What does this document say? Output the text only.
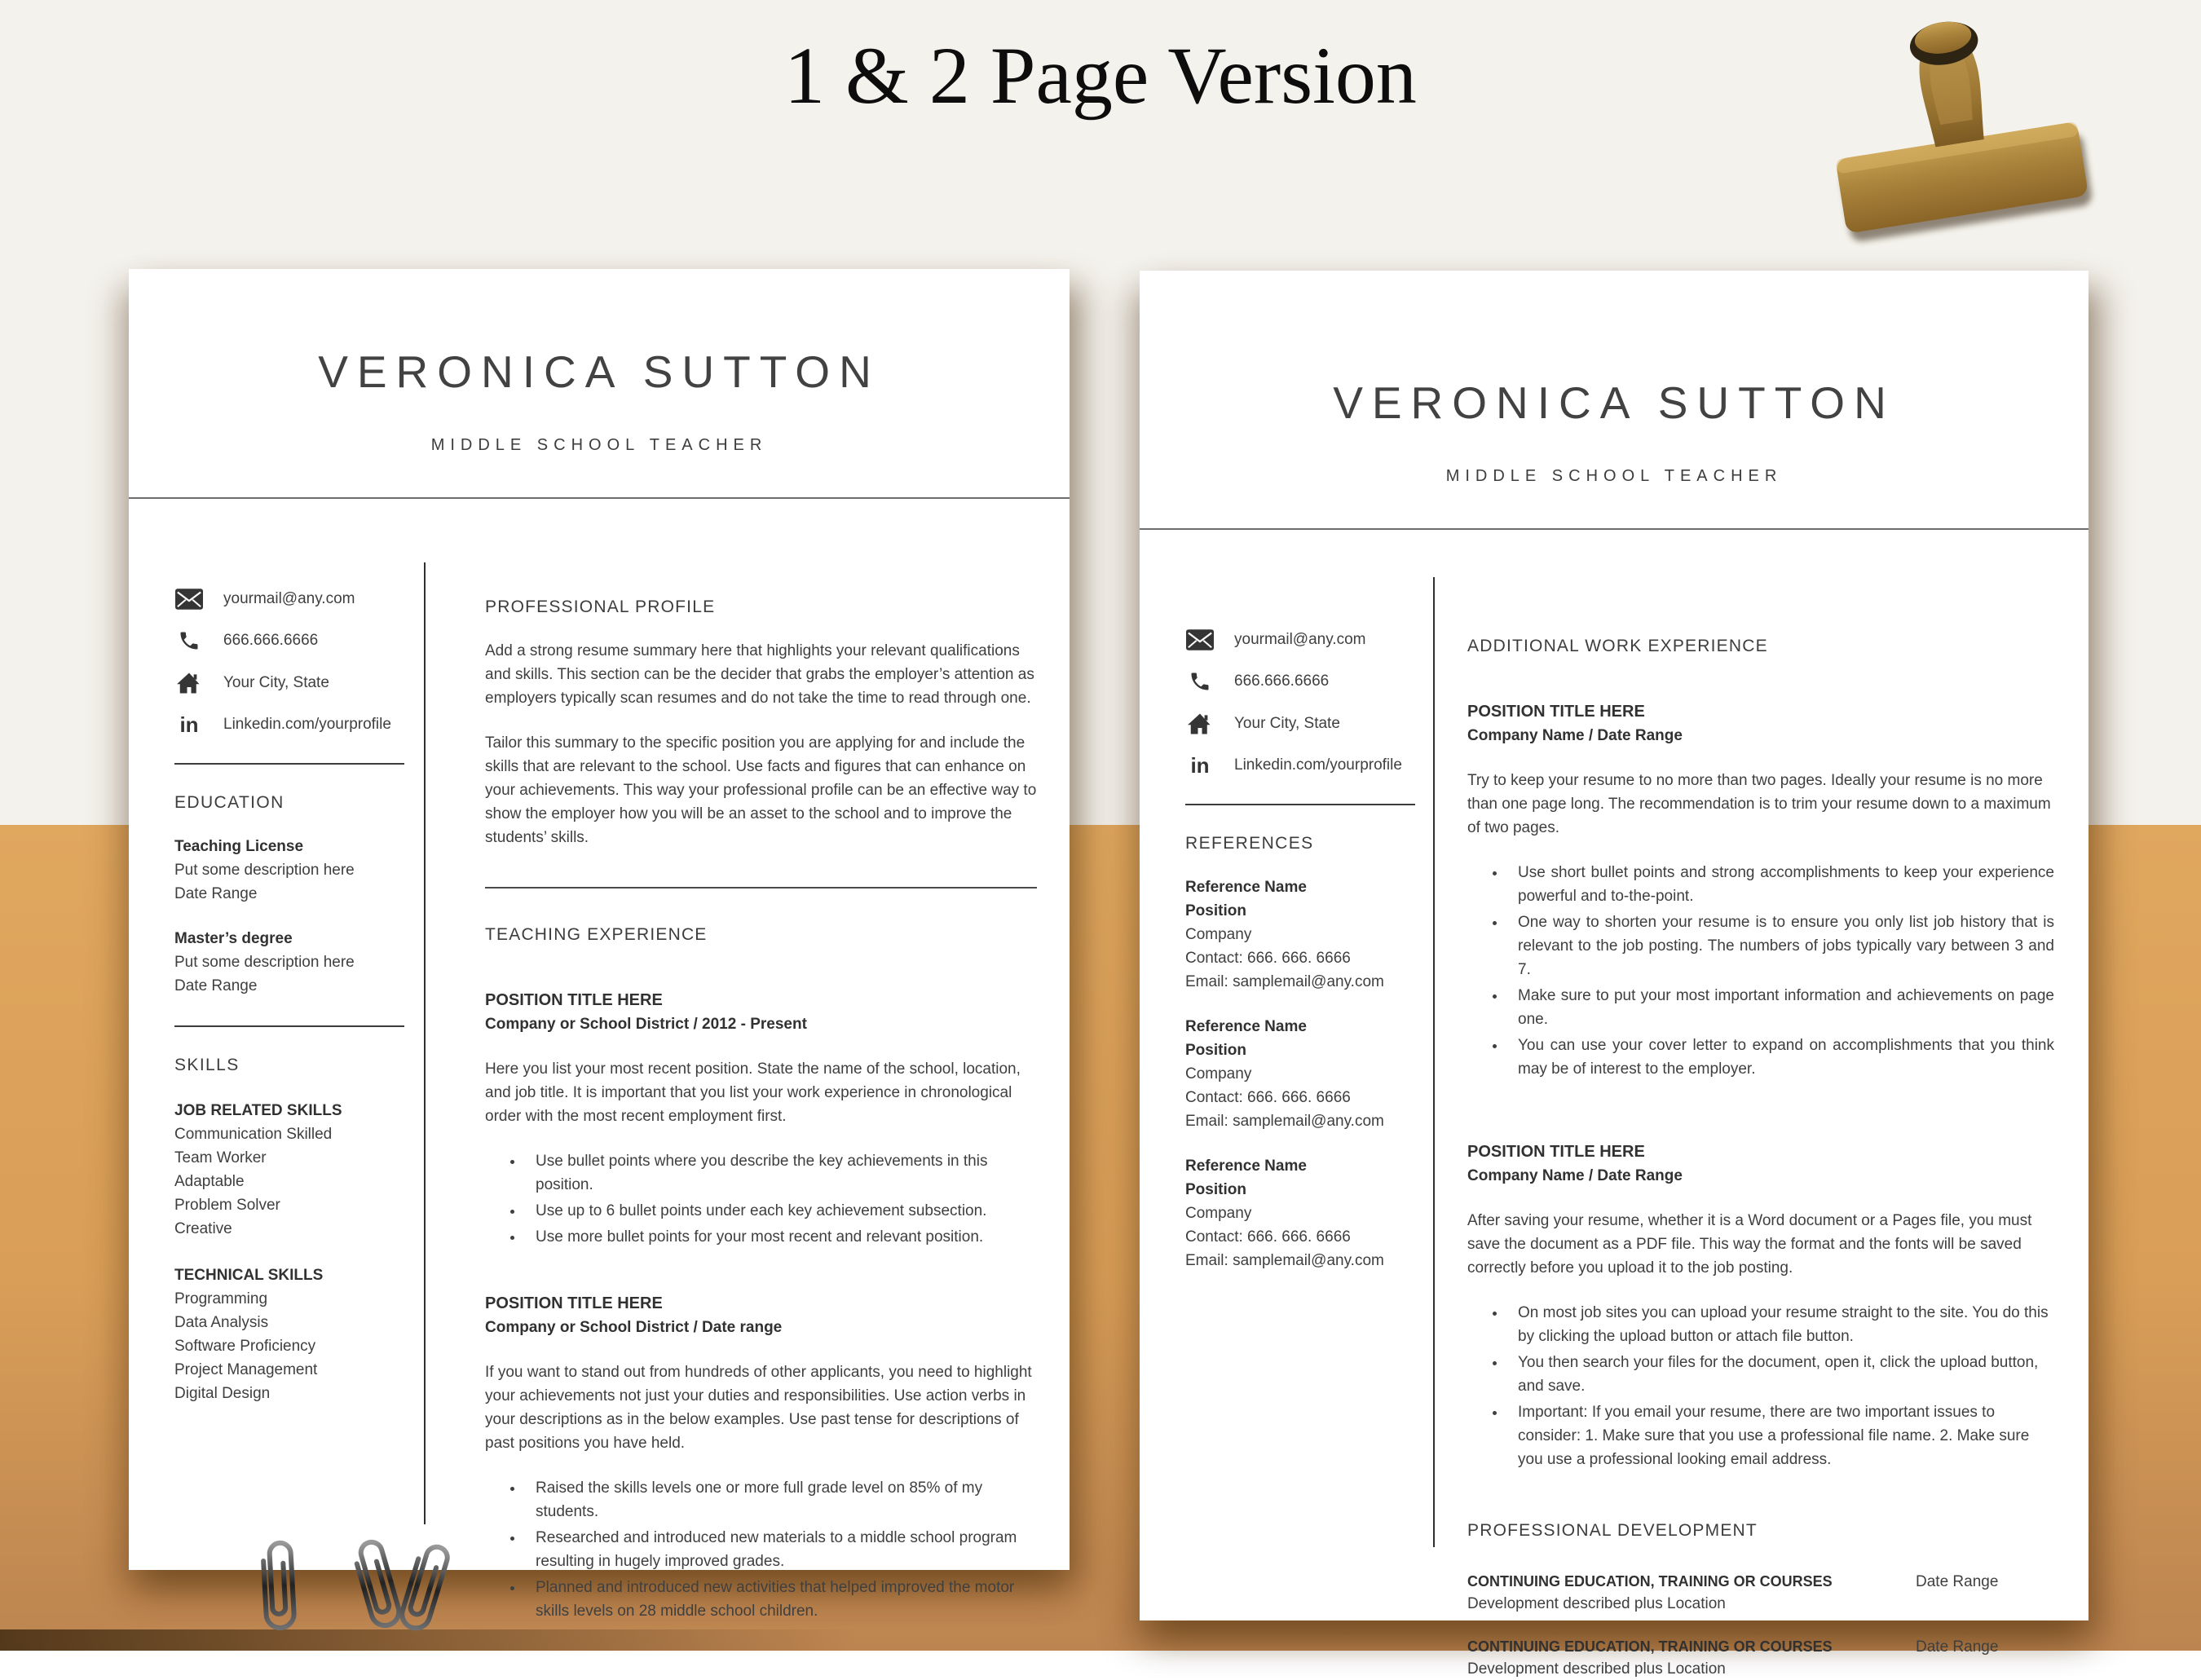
1 & 2 Page Version
VERONICA SUTTON
MIDDLE SCHOOL TEACHER
yourmail@any.com
666.666.6666
Your City, State
in Linkedin.com/yourprofile
EDUCATION
Teaching License
Put some description here
Date Range
Master’s degree
Put some description here
Date Range
SKILLS
JOB RELATED SKILLS
Communication Skilled
Team Worker
Adaptable
Problem Solver
Creative
TECHNICAL SKILLS
Programming
Data Analysis
Software Proficiency
Project Management
Digital Design
PROFESSIONAL PROFILE

Add a strong resume summary here that highlights your relevant qualifications and skills. This section can be the decider that grabs the employer’s attention as employers typically scan resumes and do not take the time to read through one.

Tailor this summary to the specific position you are applying for and include the skills that are relevant to the school. Use facts and figures that can enhance on your achievements. This way your professional profile can be an effective way to show the employer how you will be an asset to the school and to improve the students’ skills.

TEACHING EXPERIENCE
POSITION TITLE HERE
Company or School District / 2012 - Present

Here you list your most recent position. State the name of the school, location, and job title. It is important that you list your work experience in chronological order with the most recent employment first.

• Use bullet points where you describe the key achievements in this position.
• Use up to 6 bullet points under each key achievement subsection.
• Use more bullet points for your most recent and relevant position.
POSITION TITLE HERE
Company or School District / Date range

If you want to stand out from hundreds of other applicants, you need to highlight your achievements not just your duties and responsibilities. Use action verbs in your descriptions as in the below examples. Use past tense for descriptions of past positions you have held.

• Raised the skills levels one or more full grade level on 85% of my students.
• Researched and introduced new materials to a middle school program resulting in hugely improved grades.
• Planned and introduced new activities that helped improved the motor skills levels on 28 middle school children.
VERONICA SUTTON
MIDDLE SCHOOL TEACHER
yourmail@any.com
666.666.6666
Your City, State
in Linkedin.com/yourprofile
REFERENCES
Reference Name
Position
Company
Contact: 666. 666. 6666
Email: samplemail@any.com
Reference Name
Position
Company
Contact: 666. 666. 6666
Email: samplemail@any.com
Reference Name
Position
Company
Contact: 666. 666. 6666
Email: samplemail@any.com
ADDITIONAL WORK EXPERIENCE
POSITION TITLE HERE
Company Name / Date Range

Try to keep your resume to no more than two pages. Ideally your resume is no more than one page long. The recommendation is to trim your resume down to a maximum of two pages.

• Use short bullet points and strong accomplishments to keep your experience powerful and to-the-point.
• One way to shorten your resume is to ensure you only list job history that is relevant to the job posting. The numbers of jobs typically vary between 3 and 7.
• Make sure to put your most important information and achievements on page one.
• You can use your cover letter to expand on accomplishments that you think may be of interest to the employer.
POSITION TITLE HERE
Company Name / Date Range

After saving your resume, whether it is a Word document or a Pages file, you must save the document as a PDF file. This way the format and the fonts will be saved correctly before you upload it to the job posting.

• On most job sites you can upload your resume straight to the site. You do this by clicking the upload button or attach file button.
• You then search your files for the document, open it, click the upload button, and save.
• Important: If you email your resume, there are two important issues to consider: 1. Make sure that you use a professional file name. 2. Make sure you use a professional looking email address.
PROFESSIONAL DEVELOPMENT
CONTINUING EDUCATION, TRAINING OR COURSES	Date Range
Development described plus Location
CONTINUING EDUCATION, TRAINING OR COURSES	Date Range
Development described plus Location
